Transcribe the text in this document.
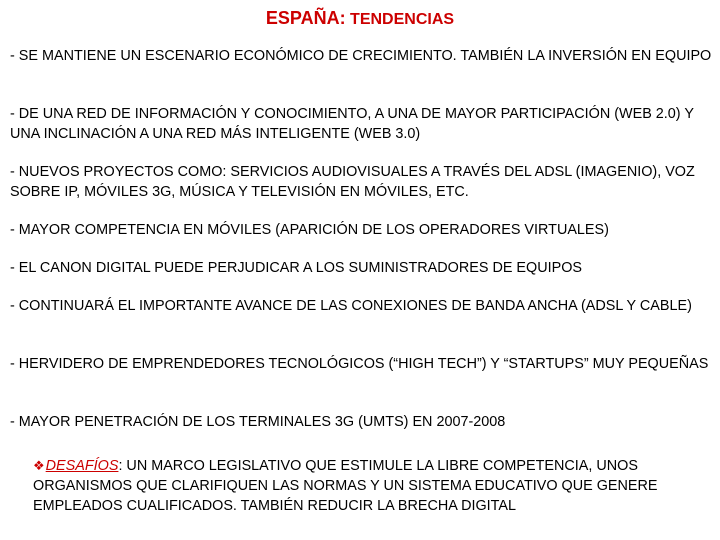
ESPAÑA: TENDENCIAS
- SE MANTIENE UN ESCENARIO ECONÓMICO DE CRECIMIENTO. TAMBIÉN LA INVERSIÓN EN EQUIPO
- DE UNA RED DE INFORMACIÓN Y CONOCIMIENTO, A UNA DE MAYOR PARTICIPACIÓN (WEB 2.0) Y UNA INCLINACIÓN A UNA RED MÁS INTELIGENTE (WEB 3.0)
- NUEVOS PROYECTOS COMO: SERVICIOS AUDIOVISUALES A TRAVÉS DEL ADSL (IMAGENIO), VOZ SOBRE IP, MÓVILES 3G, MÚSICA Y TELEVISIÓN EN MÓVILES, ETC.
- MAYOR COMPETENCIA EN MÓVILES (APARICIÓN DE LOS OPERADORES VIRTUALES)
- EL CANON DIGITAL PUEDE PERJUDICAR A LOS SUMINISTRADORES DE EQUIPOS
- CONTINUARÁ EL IMPORTANTE AVANCE DE LAS CONEXIONES DE BANDA ANCHA (ADSL Y CABLE)
- HERVIDERO DE EMPRENDEDORES TECNOLÓGICOS (“HIGH TECH”) Y “STARTUPS” MUY PEQUEÑAS
- MAYOR PENETRACIÓN DE LOS TERMINALES 3G (UMTS) EN 2007-2008
❖DESAFÍOS: UN MARCO LEGISLATIVO QUE ESTIMULE LA LIBRE COMPETENCIA, UNOS ORGANISMOS QUE CLARIFIQUEN LAS NORMAS Y UN SISTEMA EDUCATIVO QUE GENERE EMPLEADOS CUALIFICADOS. TAMBIÉN REDUCIR LA BRECHA DIGITAL
